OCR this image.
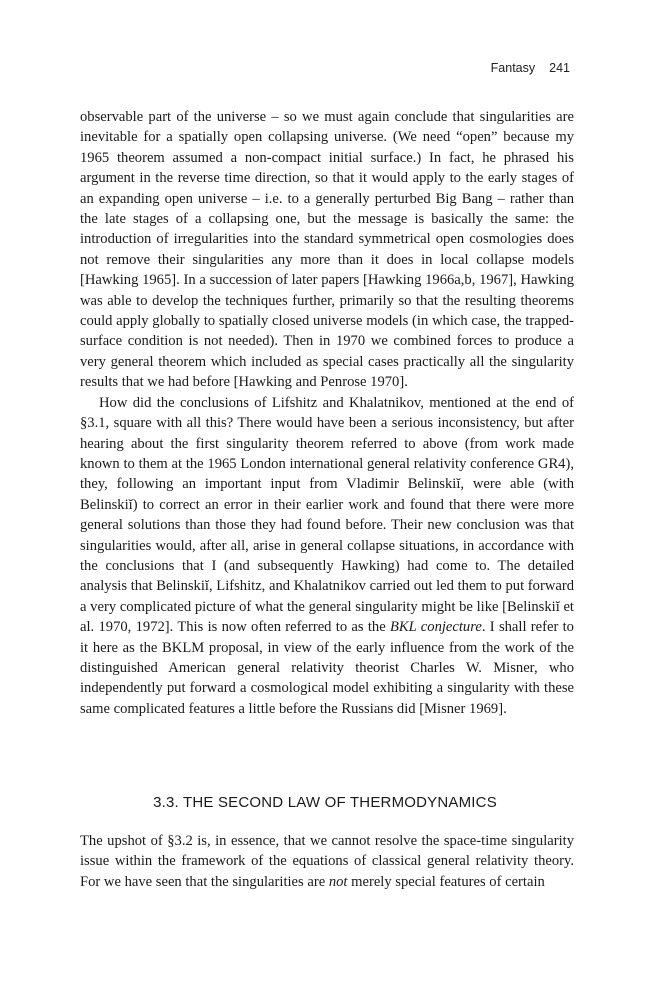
Fantasy 241

observable part of the universe – so we must again conclude that singularities are inevitable for a spatially open collapsing universe. (We need “open” because my 1965 theorem assumed a non-compact initial surface.) In fact, he phrased his argument in the reverse time direction, so that it would apply to the early stages of an expanding open universe – i.e. to a generally perturbed Big Bang – rather than the late stages of a collapsing one, but the message is basically the same: the introduction of irregularities into the standard symmetrical open cosmologies does not remove their singularities any more than it does in local collapse models [Hawking 1965]. In a succession of later papers [Hawking 1966a,b, 1967], Hawking was able to develop the techniques further, primarily so that the resulting theorems could apply globally to spatially closed universe models (in which case, the trapped-surface condition is not needed). Then in 1970 we combined forces to produce a very general theorem which included as special cases practically all the singularity results that we had before [Hawking and Penrose 1970].

How did the conclusions of Lifshitz and Khalatnikov, mentioned at the end of §3.1, square with all this? There would have been a serious inconsistency, but after hearing about the first singularity theorem referred to above (from work made known to them at the 1965 London international general relativity conference GR4), they, following an important input from Vladimir Belinskiĭ, were able (with Belinskiĭ) to correct an error in their earlier work and found that there were more general solutions than those they had found before. Their new conclusion was that singularities would, after all, arise in general collapse situations, in accordance with the conclusions that I (and subsequently Hawking) had come to. The detailed analysis that Belinskiĭ, Lifshitz, and Khalatnikov carried out led them to put forward a very complicated picture of what the general singularity might be like [Belinskiĭ et al. 1970, 1972]. This is now often referred to as the BKL conjecture. I shall refer to it here as the BKLM proposal, in view of the early influence from the work of the distinguished American general relativity theorist Charles W. Misner, who independently put forward a cosmological model exhibiting a singularity with these same complicated features a little before the Russians did [Misner 1969].

3.3. THE SECOND LAW OF THERMODYNAMICS

The upshot of §3.2 is, in essence, that we cannot resolve the space-time singularity issue within the framework of the equations of classical general relativity theory. For we have seen that the singularities are not merely special features of certain
